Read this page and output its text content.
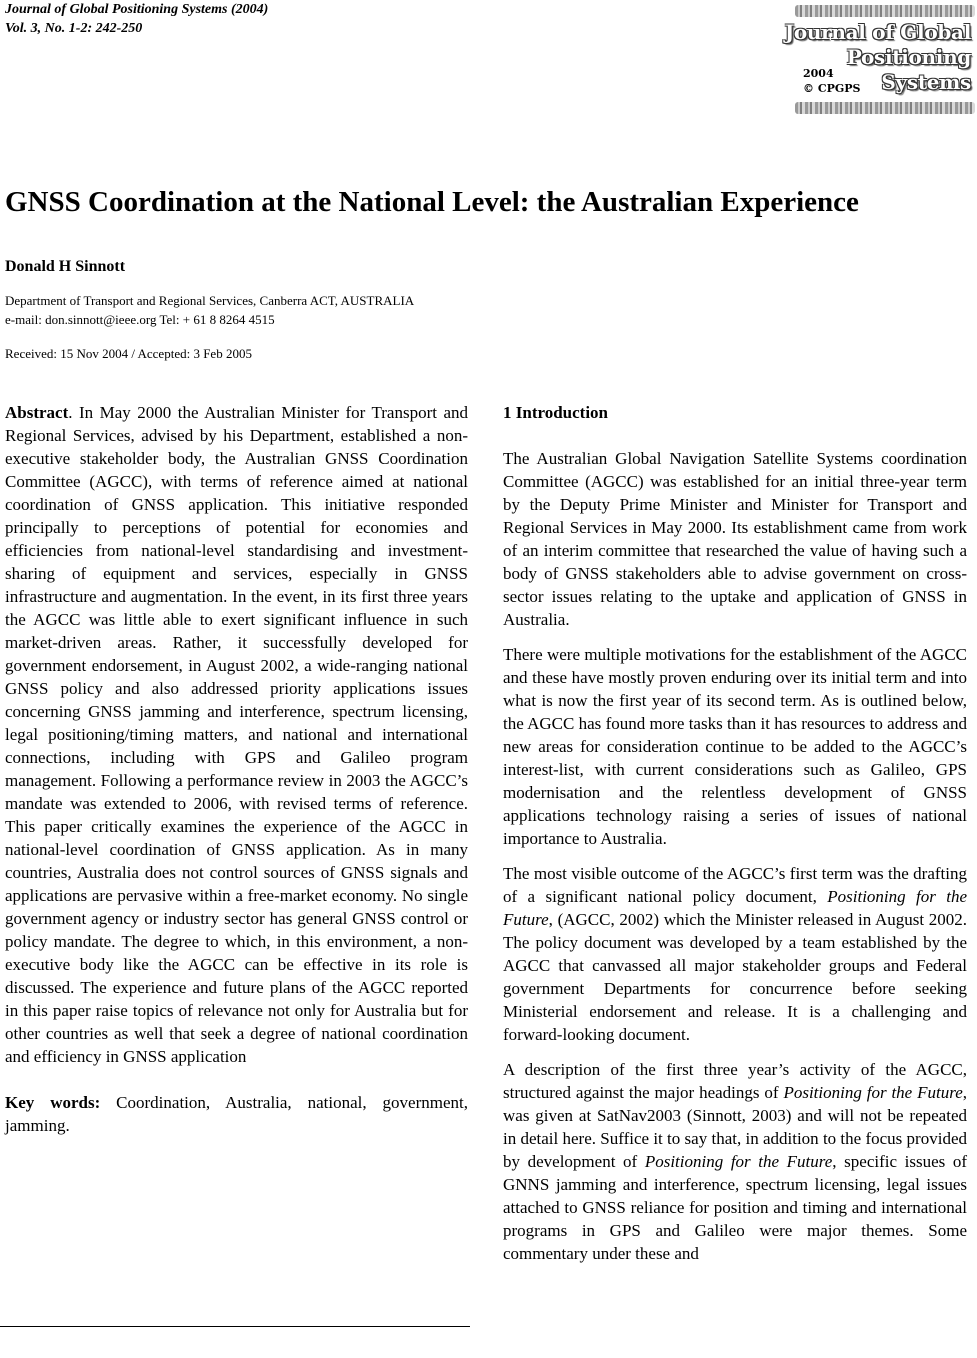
Journal of Global Positioning Systems (2004)
Vol. 3, No. 1-2: 242-250	Journal of Global
Positioning
Systems
2004
© CPGPS
GNSS Coordination at the National Level: the Australian Experience
Donald H Sinnott
Department of Transport and Regional Services, Canberra ACT, AUSTRALIA
e-mail: don.sinnott@ieee.org Tel: + 61 8 8264 4515
Received: 15 Nov 2004 / Accepted: 3 Feb 2005

Abstract. In May 2000 the Australian Minister for Transport and Regional Services, advised by his Department, established a non-executive stakeholder body, the Australian GNSS Coordination Committee (AGCC), with terms of reference aimed at national coordination of GNSS application. This initiative responded principally to perceptions of potential for economies and efficiencies from national-level standardising and investment-sharing of equipment and services, especially in GNSS infrastructure and augmentation. In the event, in its first three years the AGCC was little able to exert significant influence in such market-driven areas. Rather, it successfully developed for government endorsement, in August 2002, a wide-ranging national GNSS policy and also addressed priority applications issues concerning GNSS jamming and interference, spectrum licensing, legal positioning/timing matters, and national and international connections, including with GPS and Galileo program management. Following a performance review in 2003 the AGCC’s mandate was extended to 2006, with revised terms of reference. This paper critically examines the experience of the AGCC in national-level coordination of GNSS application. As in many countries, Australia does not control sources of GNSS signals and applications are pervasive within a free-market economy. No single government agency or industry sector has general GNSS control or policy mandate. The degree to which, in this environment, a non-executive body like the AGCC can be effective in its role is discussed. The experience and future plans of the AGCC reported in this paper raise topics of relevance not only for Australia but for other countries as well that seek a degree of national coordination and efficiency in GNSS application

Key words: Coordination, Australia, national, government, jamming.

1 Introduction

The Australian Global Navigation Satellite Systems coordination Committee (AGCC) was established for an initial three-year term by the Deputy Prime Minister and Minister for Transport and Regional Services in May 2000. Its establishment came from work of an interim committee that researched the value of having such a body of GNSS stakeholders able to advise government on cross-sector issues relating to the uptake and application of GNSS in Australia.

There were multiple motivations for the establishment of the AGCC and these have mostly proven enduring over its initial term and into what is now the first year of its second term. As is outlined below, the AGCC has found more tasks than it has resources to address and new areas for consideration continue to be added to the AGCC’s interest-list, with current considerations such as Galileo, GPS modernisation and the relentless development of GNSS applications technology raising a series of issues of national importance to Australia.

The most visible outcome of the AGCC’s first term was the drafting of a significant national policy document, Positioning for the Future, (AGCC, 2002) which the Minister released in August 2002. The policy document was developed by a team established by the AGCC that canvassed all major stakeholder groups and Federal government Departments for concurrence before seeking Ministerial endorsement and release. It is a challenging and forward-looking document.

A description of the first three year’s activity of the AGCC, structured against the major headings of Positioning for the Future, was given at SatNav2003 (Sinnott, 2003) and will not be repeated in detail here. Suffice it to say that, in addition to the focus provided by development of Positioning for the Future, specific issues of GNNS jamming and interference, spectrum licensing, legal issues attached to GNSS reliance for position and timing and international programs in GPS and Galileo were major themes. Some commentary under these and
